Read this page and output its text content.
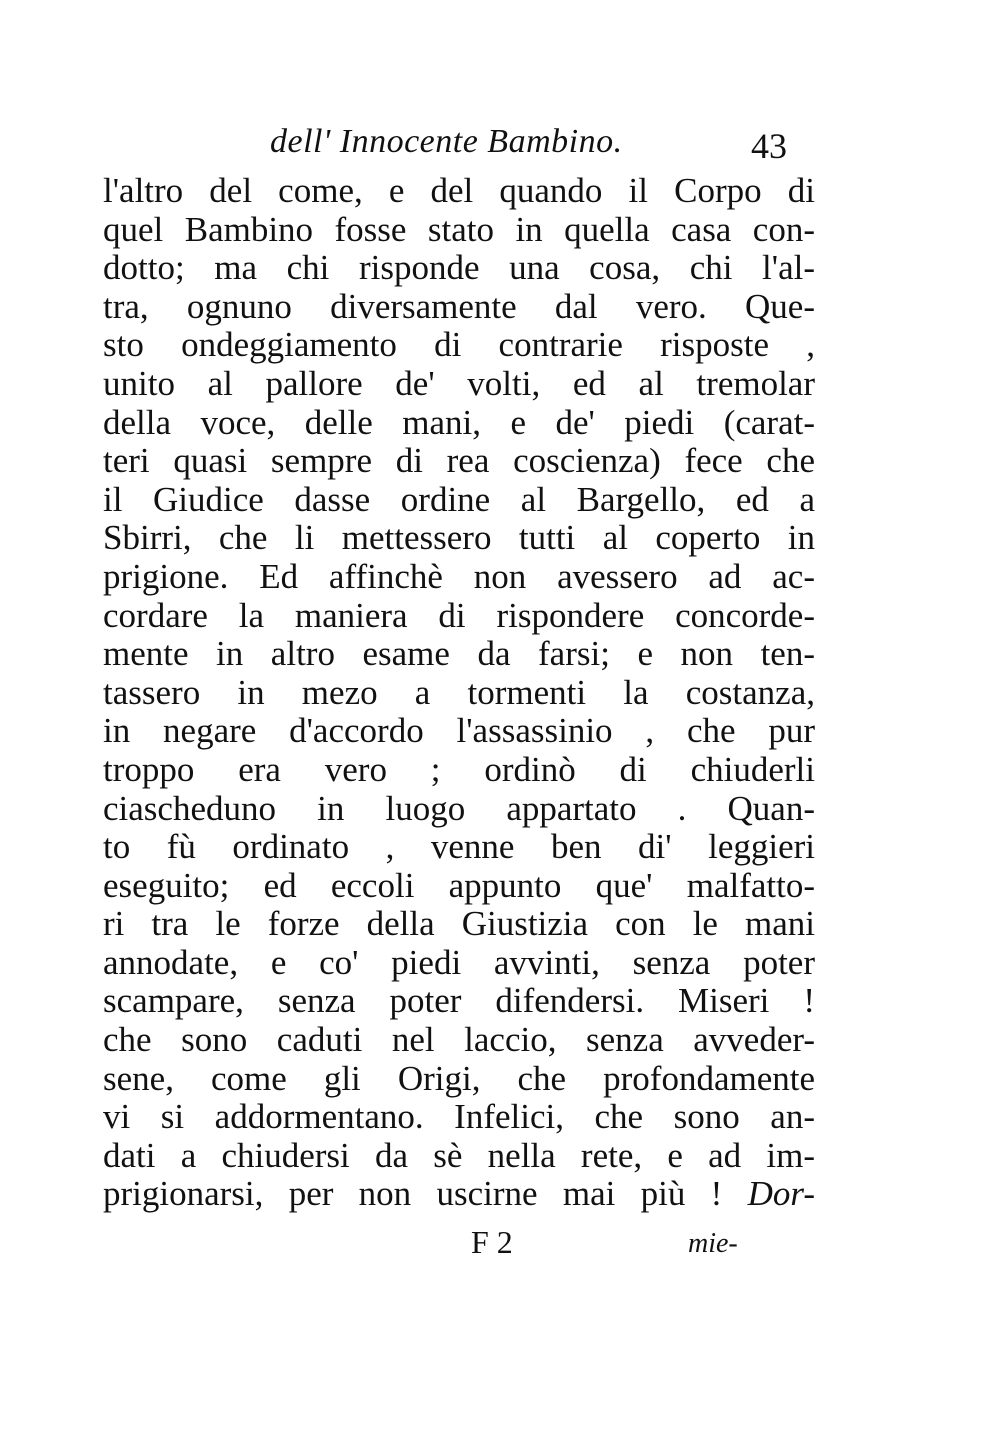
dell' Innocente Bambino.	43
l'altro del come, e del quando il Corpo di
quel Bambino fosse stato in quella casa con-
dotto; ma chi risponde una cosa, chi l'al-
tra, ognuno diversamente dal vero. Que-
sto ondeggiamento di contrarie risposte ,
unito al pallore de' volti, ed al tremolar
della voce, delle mani, e de' piedi (carat-
teri quasi sempre di rea coscienza) fece che
il Giudice dasse ordine al Bargello, ed a
Sbirri, che li mettessero tutti al coperto in
prigione. Ed affinchè non avessero ad ac-
cordare la maniera di rispondere concorde-
mente in altro esame da farsi; e non ten-
tassero in mezo a tormenti la costanza,
in negare d'accordo l'assassinio , che pur
troppo era vero ; ordinò di chiuderli
ciascheduno in luogo appartato . Quan-
to fù ordinato , venne ben di' leggieri
eseguito; ed eccoli appunto que' malfatto-
ri tra le forze della Giustizia con le mani
annodate, e co' piedi avvinti, senza poter
scampare, senza poter difendersi. Miseri !
che sono caduti nel laccio, senza avveder-
sene, come gli Origi, che profondamente
vi si addormentano. Infelici, che sono an-
dati a chiudersi da sè nella rete, e ad im-
prigionarsi, per non uscirne mai più ! Dor-
F 2	mie-
